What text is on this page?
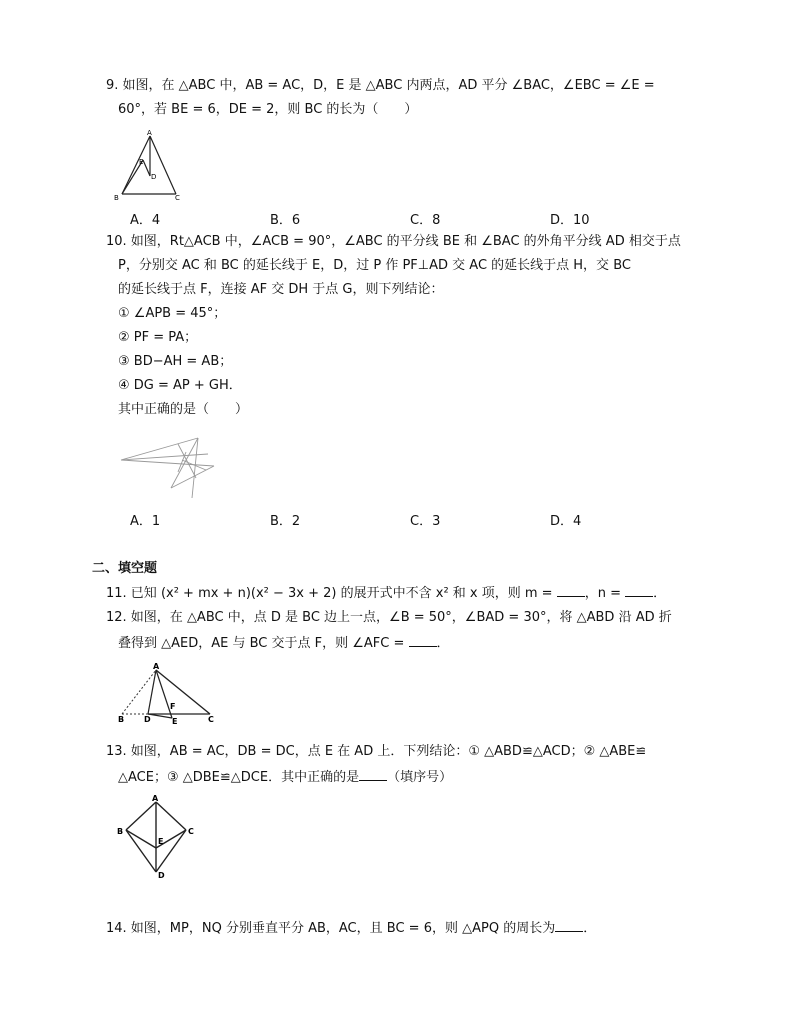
9. 如图，在 △ABC 中，AB = AC，D，E 是 △ABC 内两点，AD 平分 ∠BAC，∠EBC = ∠E =
60°，若 BE = 6，DE = 2，则 BC 的长为（　　）
A
E
D
B	C
A．4	B．6	C．8	D．10
10. 如图，Rt△ACB 中，∠ACB = 90°，∠ABC 的平分线 BE 和 ∠BAC 的外角平分线 AD 相交于点
P，分别交 AC 和 BC 的延长线于 E，D，过 P 作 PF⊥AD 交 AC 的延长线于点 H，交 BC
的延长线于点 F，连接 AF 交 DH 于点 G，则下列结论：
① ∠APB = 45°；
② PF = PA；
③ BD−AH = AB；
④ DG = AP + GH．
其中正确的是（　　）
A．1	B．2	C．3	D．4
二、填空题
11. 已知 (x² + mx + n)(x² − 3x + 2) 的展开式中不含 x² 和 x 项，则 m = ，n = ．
12. 如图，在 △ABC 中，点 D 是 BC 边上一点，∠B = 50°，∠BAD = 30°，将 △ABD 沿 AD 折
叠得到 △AED，AE 与 BC 交于点 F，则 ∠AFC = ．
A
F
B D	E	C
13. 如图，AB = AC，DB = DC，点 E 在 AD 上．下列结论：① △ABD≌△ACD；② △ABE≌
△ACE；③ △DBE≌△DCE．其中正确的是 （填序号）
A
B	C
E
D
14. 如图，MP，NQ 分别垂直平分 AB，AC，且 BC = 6，则 △APQ 的周长为 ．
